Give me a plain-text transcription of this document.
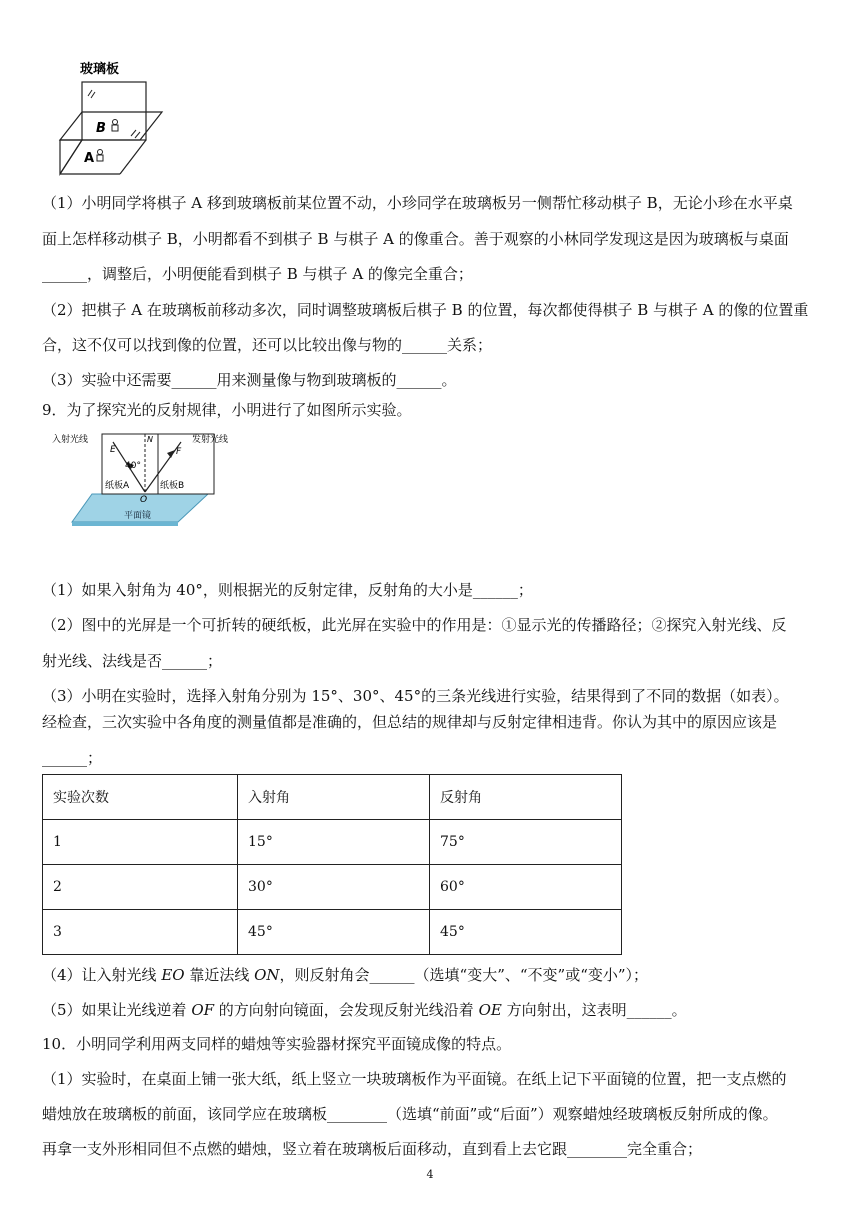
玻璃板
B
A
（1）小明同学将棋子 A 移到玻璃板前某位置不动，小珍同学在玻璃板另一侧帮忙移动棋子 B，无论小珍在水平桌
面上怎样移动棋子 B，小明都看不到棋子 B 与棋子 A 的像重合。善于观察的小林同学发现这是因为玻璃板与桌面
______，调整后，小明便能看到棋子 B 与棋子 A 的像完全重合；
（2）把棋子 A 在玻璃板前移动多次，同时调整玻璃板后棋子 B 的位置，每次都使得棋子 B 与棋子 A 的像的位置重
合，这不仅可以找到像的位置，还可以比较出像与物的______关系；
（3）实验中还需要______用来测量像与物到玻璃板的______。
9．为了探究光的反射规律，小明进行了如图所示实验。
入射光线	发射光线
E
N
F
40°
纸板A	纸板B
O
平面镜
（1）如果入射角为 40°，则根据光的反射定律，反射角的大小是______；
（2）图中的光屏是一个可折转的硬纸板，此光屏在实验中的作用是：①显示光的传播路径；②探究入射光线、反
射光线、法线是否______；
（3）小明在实验时，选择入射角分别为 15°、30°、45°的三条光线进行实验，结果得到了不同的数据（如表）。
经检查，三次实验中各角度的测量值都是准确的，但总结的规律却与反射定律相违背。你认为其中的原因应该是
______；
实验次数	入射角	反射角
1	15°	75°
2	30°	60°
3	45°	45°
（4）让入射光线 EO 靠近法线 ON，则反射角会______（选填“变大”、“不变”或“变小”）；
（5）如果让光线逆着 OF 的方向射向镜面，会发现反射光线沿着 OE 方向射出，这表明______。
10．小明同学利用两支同样的蜡烛等实验器材探究平面镜成像的特点。
（1）实验时，在桌面上铺一张大纸，纸上竖立一块玻璃板作为平面镜。在纸上记下平面镜的位置，把一支点燃的
蜡烛放在玻璃板的前面，该同学应在玻璃板________（选填“前面”或“后面”）观察蜡烛经玻璃板反射所成的像。
再拿一支外形相同但不点燃的蜡烛，竖立着在玻璃板后面移动，直到看上去它跟________完全重合；
4
